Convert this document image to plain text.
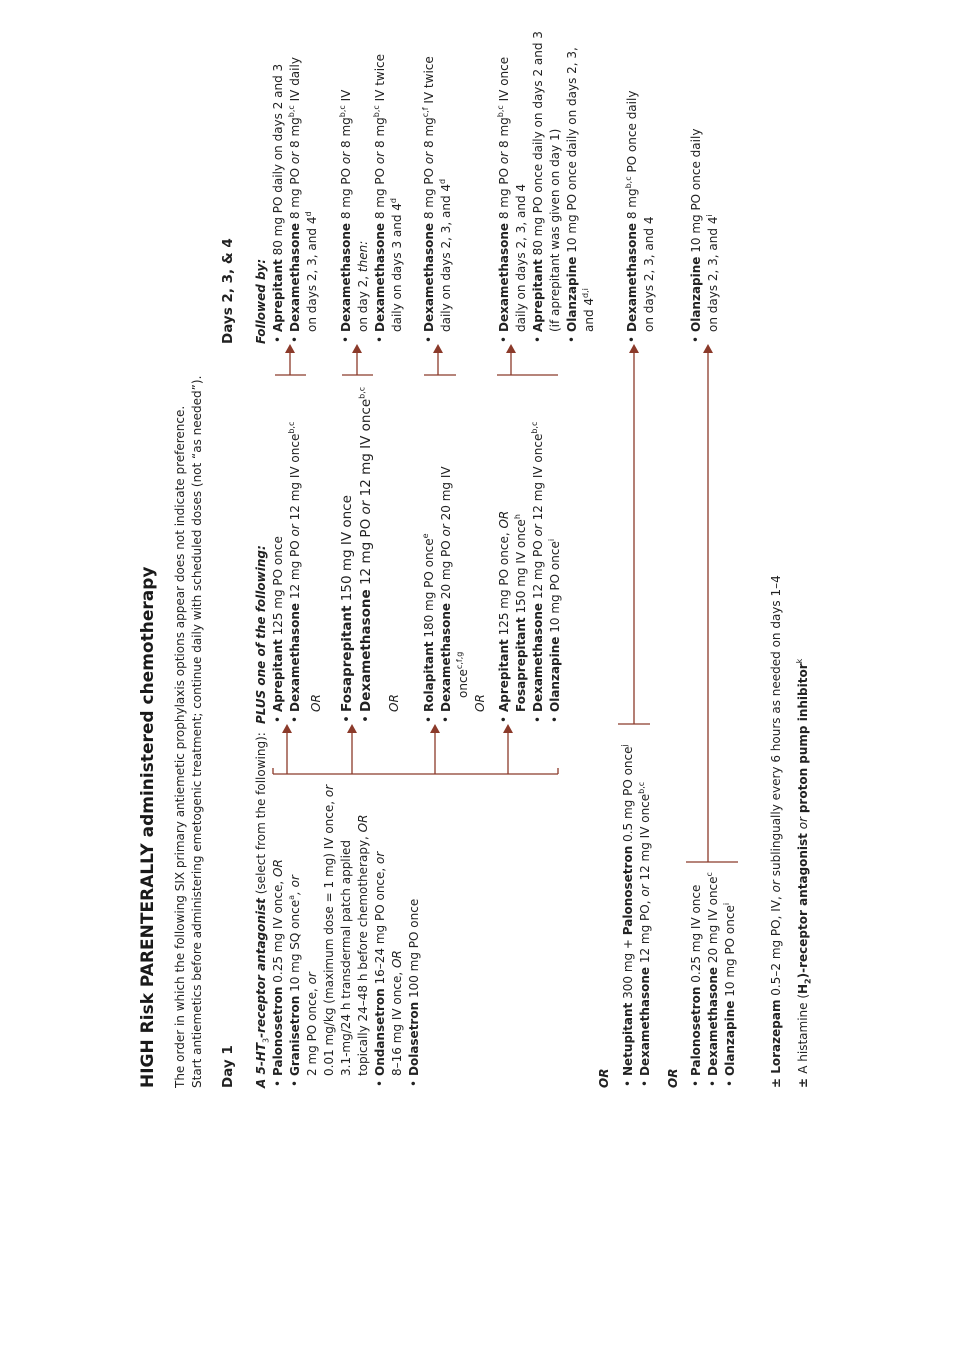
HIGH Risk PARENTERALLY administered chemotherapy The order in which the following SIX primary antiemetic prophylaxis options appear does not indicate preference. Start antiemetics before administering emetogenic treatment; continue daily with scheduled doses (not “as needed”). Day 1
Days 2, 3, & 4
A $5-HT_3$-receptor antagonist (select from the following):
• Palonosetron 0.25 mg IV once, OR
• Granisetron 10 mg SQ once$^a$, or
2 mg PO once, or 0.01 mg/kg (maximum dose = 1 mg) IV once, or
3.1-mg/24 h transdermal patch applied topically 24–48 h before chemotherapy, OR
• Ondansetron 16–24 mg PO once, or
8–16 mg IV once, OR
• Dolasetron 100 mg PO once
PLUS one of the following: • Aprepitant 125 mg PO once
• Dexamethasone 12 mg PO or 12 mg IV once$^{b,c}$
OR • Fosaprepitant 150 mg IV once
• Dexamethasone 12 mg PO or 12 mg IV once$^{b,c}$
OR • Rolapitant 180 mg PO once$^e$
• Dexamethasone 20 mg PO or 20 mg IV
once$^{c,f,g}$
OR • Aprepitant 125 mg PO once, OR
Fosaprepitant 150 mg IV once$^h$
• Dexamethasone 12 mg PO or 12 mg IV once$^{b,c}$
• Olanzapine 10 mg PO once$^i$
Followed by: • Aprepitant 80 mg PO daily on days 2 and 3
• Dexamethasone 8 mg PO or 8 mg$^{b,c}$ IV daily
on days 2, 3, and 4$^d$
• Dexamethasone 8 mg PO or 8 mg$^{b,c}$ IV
on day 2, then: • Dexamethasone 8 mg PO or 8 mg$^{b,c}$ IV twice
daily on days 3 and 4$^d$
• Dexamethasone 8 mg PO or 8 mg$^{c,f}$ IV twice
daily on days 2, 3, and 4$^d$
• Dexamethasone 8 mg PO or 8 mg$^{b,c}$ IV once
daily on days 2, 3, and 4 • Aprepitant 80 mg PO once daily on days 2 and 3 (if aprepitant was given on day 1) • Olanzapine 10 mg PO once daily on days 2, 3,
and 4$^{d,i}$	• Dexamethasone 8 mg$^{b,c}$ PO once daily
on days 2, 3, and 4	• Olanzapine 10 mg PO once daily
on days 2, 3, and 4$^i$
OR
• Netupitant 300 mg + Palonosetron 0.5 mg PO once$^j$
• Dexamethasone 12 mg PO, or 12 mg IV once$^{b,c}$
OR
• Palonosetron 0.25 mg IV once
• Dexamethasone 20 mg IV once$^c$
• Olanzapine 10 mg PO once$^i$
± Lorazepam 0.5–2 mg PO, IV, or sublingually every 6 hours as needed on days 1–4
± A histamine $(H_2)$-receptor antagonist or proton pump inhibitor$^k$
